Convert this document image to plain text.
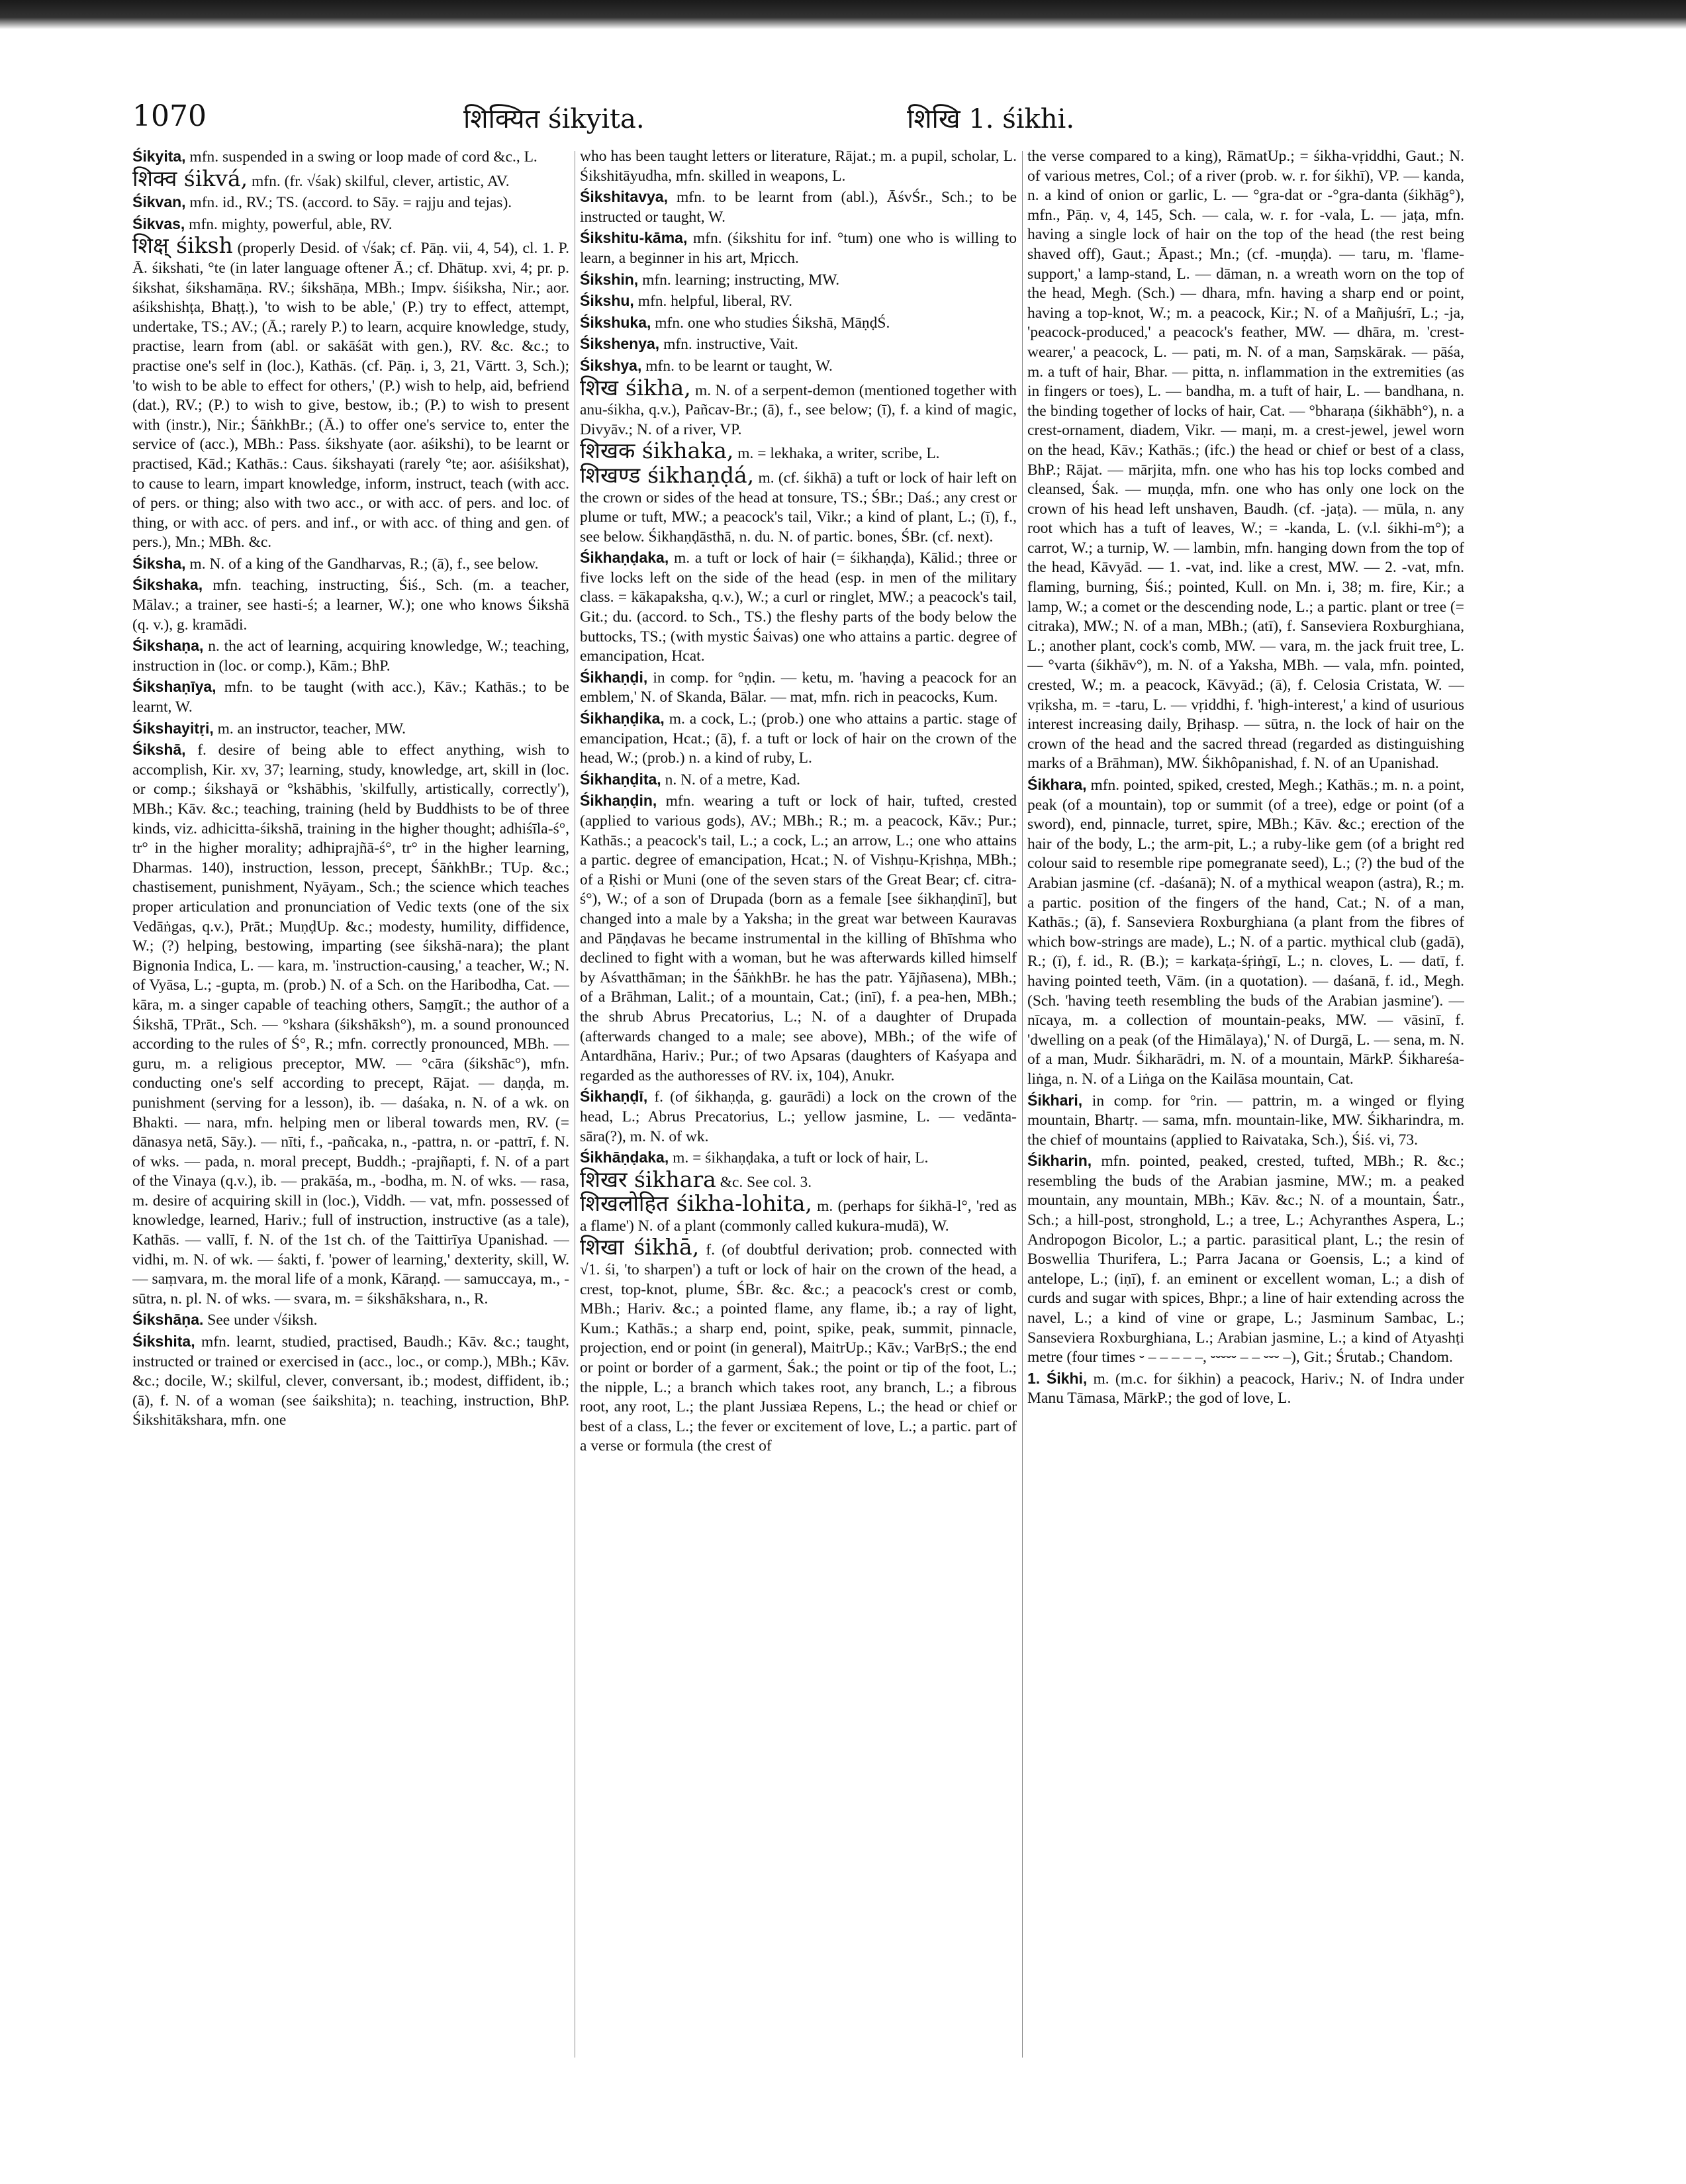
1070	शिक्यित śikyita.	शिखि 1. śikhi.

Śikyita, mfn. suspended in a swing or loop made of cord &c., L.

शिक्व śikvá, mfn. (fr. √śak) skilful, clever, artistic, AV.

Śikvan, mfn. id., RV.; TS. (accord. to Sāy. = rajju and tejas).

Śikvas, mfn. mighty, powerful, able, RV.

शिक्ष् śiksh (properly Desid. of √śak; cf. Pāṇ. vii, 4, 54), cl. 1. P. Ā. śikshati, °te (in later language oftener Ā.; cf. Dhātup. xvi, 4; pr. p. śikshat, śikshamāṇa. RV.; śikshāṇa, MBh.; Impv. śiśiksha, Nir.; aor. aśikshishṭa, Bhaṭṭ.), 'to wish to be able,' (P.) try to effect, attempt, undertake, TS.; AV.; (Ā.; rarely P.) to learn, acquire knowledge, study, practise, learn from (abl. or sakāśāt with gen.), RV. &c. &c.; to practise one's self in (loc.), Kathās. (cf. Pāṇ. i, 3, 21, Vārtt. 3, Sch.); 'to wish to be able to effect for others,' (P.) wish to help, aid, befriend (dat.), RV.; (P.) to wish to give, bestow, ib.; (P.) to wish to present with (instr.), Nir.; ŚāṅkhBr.; (Ā.) to offer one's service to, enter the service of (acc.), MBh.: Pass. śikshyate (aor. aśikshi), to be learnt or practised, Kād.; Kathās.: Caus. śikshayati (rarely °te; aor. aśiśikshat), to cause to learn, impart knowledge, inform, instruct, teach (with acc. of pers. or thing; also with two acc., or with acc. of pers. and loc. of thing, or with acc. of pers. and inf., or with acc. of thing and gen. of pers.), Mn.; MBh. &c.

Śiksha, m. N. of a king of the Gandharvas, R.; (ā), f., see below.

Śikshaka, mfn. teaching, instructing, Śiś., Sch. (m. a teacher, Mālav.; a trainer, see hasti-ś; a learner, W.); one who knows Śikshā (q. v.), g. kramādi.

Śikshaṇa, n. the act of learning, acquiring knowledge, W.; teaching, instruction in (loc. or comp.), Kām.; BhP.

Śikshaṇīya, mfn. to be taught (with acc.), Kāv.; Kathās.; to be learnt, W.

Śikshayitṛi, m. an instructor, teacher, MW.

Śikshā, f. desire of being able to effect anything, wish to accomplish, Kir. xv, 37; learning, study, knowledge, art, skill in (loc. or comp.; śikshayā or °kshābhis, 'skilfully, artistically, correctly'), MBh.; Kāv. &c.; teaching, training (held by Buddhists to be of three kinds, viz. adhicitta-śikshā, training in the higher thought; adhiśīla-ś°, tr° in the higher morality; adhiprajñā-ś°, tr° in the higher learning, Dharmas. 140), instruction, lesson, precept, ŚāṅkhBr.; TUp. &c.; chastisement, punishment, Nyāyam., Sch.; the science which teaches proper articulation and pronunciation of Vedic texts (one of the six Vedāṅgas, q.v.), Prāt.; MuṇḍUp. &c.; modesty, humility, diffidence, W.; (?) helping, bestowing, imparting (see śikshā-nara); the plant Bignonia Indica, L. — kara, m. 'instruction-causing,' a teacher, W.; N. of Vyāsa, L.; -gupta, m. (prob.) N. of a Sch. on the Haribodha, Cat. — kāra, m. a singer capable of teaching others, Saṃgīt.; the author of a Śikshā, TPrāt., Sch. — °kshara (śikshāksh°), m. a sound pronounced according to the rules of Ś°, R.; mfn. correctly pronounced, MBh. — guru, m. a religious preceptor, MW. — °cāra (śikshāc°), mfn. conducting one's self according to precept, Rājat. — daṇḍa, m. punishment (serving for a lesson), ib. — daśaka, n. N. of a wk. on Bhakti. — nara, mfn. helping men or liberal towards men, RV. (= dānasya netā, Sāy.). — nīti, f., -pañcaka, n., -pattra, n. or -pattrī, f. N. of wks. — pada, n. moral precept, Buddh.; -prajñapti, f. N. of a part of the Vinaya (q.v.), ib. — prakāśa, m., -bodha, m. N. of wks. — rasa, m. desire of acquiring skill in (loc.), Viddh. — vat, mfn. possessed of knowledge, learned, Hariv.; full of instruction, instructive (as a tale), Kathās. — vallī, f. N. of the 1st ch. of the Taittirīya Upanishad. — vidhi, m. N. of wk. — śakti, f. 'power of learning,' dexterity, skill, W. — saṃvara, m. the moral life of a monk, Kāraṇḍ. — samuccaya, m., -sūtra, n. pl. N. of wks. — svara, m. = śikshāksharа, n., R.

Śikshāṇa. See under √śiksh.

Śikshita, mfn. learnt, studied, practised, Baudh.; Kāv. &c.; taught, instructed or trained or exercised in (acc., loc., or comp.), MBh.; Kāv. &c.; docile, W.; skilful, clever, conversant, ib.; modest, diffident, ib.; (ā), f. N. of a woman (see śaikshita); n. teaching, instruction, BhP. Śikshitākshara, mfn. one

who has been taught letters or literature, Rājat.; m. a pupil, scholar, L. Śikshitāyudha, mfn. skilled in weapons, L.

Śikshitavya, mfn. to be learnt from (abl.), ĀśvŚr., Sch.; to be instructed or taught, W.

Śikshitu-kāma, mfn. (śikshitu for inf. °tum) one who is willing to learn, a beginner in his art, Mṛicch.

Śikshin, mfn. learning; instructing, MW.

Śikshu, mfn. helpful, liberal, RV.

Śikshuka, mfn. one who studies Śikshā, MāṇḍŚ.

Śikshenya, mfn. instructive, Vait.

Śikshya, mfn. to be learnt or taught, W.

शिख śikha, m. N. of a serpent-demon (mentioned together with anu-śikha, q.v.), Pañcav-Br.; (ā), f., see below; (ī), f. a kind of magic, Divyāv.; N. of a river, VP.

शिखक śikhaka, m. = lekhaka, a writer, scribe, L.

शिखण्ड śikhaṇḍá, m. (cf. śikhā) a tuft or lock of hair left on the crown or sides of the head at tonsure, TS.; ŚBr.; Daś.; any crest or plume or tuft, MW.; a peacock's tail, Vikr.; a kind of plant, L.; (ī), f., see below. Śikhaṇḍāsthā, n. du. N. of partic. bones, ŚBr. (cf. next).

Śikhaṇḍaka, m. a tuft or lock of hair (= śikhaṇḍa), Kālid.; three or five locks left on the side of the head (esp. in men of the military class. = kākapaksha, q.v.), W.; a curl or ringlet, MW.; a peacock's tail, Git.; du. (accord. to Sch., TS.) the fleshy parts of the body below the buttocks, TS.; (with mystic Śaivas) one who attains a partic. degree of emancipation, Hcat.

Śikhaṇḍi, in comp. for °ṇḍin. — ketu, m. 'having a peacock for an emblem,' N. of Skanda, Bālar. — mat, mfn. rich in peacocks, Kum.

Śikhaṇḍika, m. a cock, L.; (prob.) one who attains a partic. stage of emancipation, Hcat.; (ā), f. a tuft or lock of hair on the crown of the head, W.; (prob.) n. a kind of ruby, L.

Śikhaṇḍita, n. N. of a metre, Kad.

Śikhaṇḍin, mfn. wearing a tuft or lock of hair, tufted, crested (applied to various gods), AV.; MBh.; R.; m. a peacock, Kāv.; Pur.; Kathās.; a peacock's tail, L.; a cock, L.; an arrow, L.; one who attains a partic. degree of emancipation, Hcat.; N. of Vishṇu-Kṛishṇa, MBh.; of a Ṛishi or Muni (one of the seven stars of the Great Bear; cf. citra-ś°), W.; of a son of Drupada (born as a female [see śikhaṇḍinī], but changed into a male by a Yaksha; in the great war between Kauravas and Pāṇḍavas he became instrumental in the killing of Bhīshma who declined to fight with a woman, but he was afterwards killed himself by Aśvatthāman; in the ŚāṅkhBr. he has the patr. Yājñasena), MBh.; of a Brāhman, Lalit.; of a mountain, Cat.; (inī), f. a pea-hen, MBh.; the shrub Abrus Precatorius, L.; N. of a daughter of Drupada (afterwards changed to a male; see above), MBh.; of the wife of Antardhāna, Hariv.; Pur.; of two Apsaras (daughters of Kaśyapa and regarded as the authoresses of RV. ix, 104), Anukr.

Śikhaṇḍī, f. (of śikhaṇḍa, g. gaurādi) a lock on the crown of the head, L.; Abrus Precatorius, L.; yellow jasmine, L. — vedānta-sāra(?), m. N. of wk.

Śikhāṇḍaka, m. = śikhaṇḍaka, a tuft or lock of hair, L.

शिखर śikhara &c. See col. 3.

शिखलोहित śikha-lohita, m. (perhaps for śikhā-l°, 'red as a flame') N. of a plant (commonly called kukura-mudā), W.

शिखा śikhā, f. (of doubtful derivation; prob. connected with √1. śi, 'to sharpen') a tuft or lock of hair on the crown of the head, a crest, top-knot, plume, ŚBr. &c. &c.; a peacock's crest or comb, MBh.; Hariv. &c.; a pointed flame, any flame, ib.; a ray of light, Kum.; Kathās.; a sharp end, point, spike, peak, summit, pinnacle, projection, end or point (in general), MaitrUp.; Kāv.; VarBṛS.; the end or point or border of a garment, Śak.; the point or tip of the foot, L.; the nipple, L.; a branch which takes root, any branch, L.; a fibrous root, any root, L.; the plant Jussiæa Repens, L.; the head or chief or best of a class, L.; the fever or excitement of love, L.; a partic. part of a verse or formula (the crest of

the verse compared to a king), RāmatUp.; = śikha-vṛiddhi, Gaut.; N. of various metres, Col.; of a river (prob. w. r. for śikhī), VP. — kanda, n. a kind of onion or garlic, L. — °gra-dat or -°gra-danta (śikhāg°), mfn., Pāṇ. v, 4, 145, Sch. — cala, w. r. for -vala, L. — jaṭa, mfn. having a single lock of hair on the top of the head (the rest being shaved off), Gaut.; Āpast.; Mn.; (cf. -muṇḍa). — taru, m. 'flame-support,' a lamp-stand, L. — dāman, n. a wreath worn on the top of the head, Megh. (Sch.) — dhara, mfn. having a sharp end or point, having a top-knot, W.; m. a peacock, Kir.; N. of a Mañjuśrī, L.; -ja, 'peacock-produced,' a peacock's feather, MW. — dhāra, m. 'crest-wearer,' a peacock, L. — pati, m. N. of a man, Saṃskārak. — pāśa, m. a tuft of hair, Bhar. — pitta, n. inflammation in the extremities (as in fingers or toes), L. — bandha, m. a tuft of hair, L. — bandhana, n. the binding together of locks of hair, Cat. — °bharaṇa (śikhābh°), n. a crest-ornament, diadem, Vikr. — maṇi, m. a crest-jewel, jewel worn on the head, Kāv.; Kathās.; (ifc.) the head or chief or best of a class, BhP.; Rājat. — mārjita, mfn. one who has his top locks combed and cleansed, Śak. — muṇḍa, mfn. one who has only one lock on the crown of his head left unshaven, Baudh. (cf. -jaṭa). — mūla, n. any root which has a tuft of leaves, W.; = -kanda, L. (v.l. śikhi-m°); a carrot, W.; a turnip, W. — lambin, mfn. hanging down from the top of the head, Kāvyād. — 1. -vat, ind. like a crest, MW. — 2. -vat, mfn. flaming, burning, Śiś.; pointed, Kull. on Mn. i, 38; m. fire, Kir.; a lamp, W.; a comet or the descending node, L.; a partic. plant or tree (= citraka), MW.; N. of a man, MBh.; (atī), f. Sanseviera Roxburghiana, L.; another plant, cock's comb, MW. — vara, m. the jack fruit tree, L. — °varta (śikhāv°), m. N. of a Yaksha, MBh. — vala, mfn. pointed, crested, W.; m. a peacock, Kāvyād.; (ā), f. Celosia Cristata, W. — vṛiksha, m. = -taru, L. — vṛiddhi, f. 'high-interest,' a kind of usurious interest increasing daily, Bṛihasp. — sūtra, n. the lock of hair on the crown of the head and the sacred thread (regarded as distinguishing marks of a Brāhman), MW. Śikhôpanishad, f. N. of an Upanishad.

Śikhara, mfn. pointed, spiked, crested, Megh.; Kathās.; m. n. a point, peak (of a mountain), top or summit (of a tree), edge or point (of a sword), end, pinnacle, turret, spire, MBh.; Kāv. &c.; erection of the hair of the body, L.; the arm-pit, L.; a ruby-like gem (of a bright red colour said to resemble ripe pomegranate seed), L.; (?) the bud of the Arabian jasmine (cf. -daśanā); N. of a mythical weapon (astra), R.; m. a partic. position of the fingers of the hand, Cat.; N. of a man, Kathās.; (ā), f. Sanseviera Roxburghiana (a plant from the fibres of which bow-strings are made), L.; N. of a partic. mythical club (gadā), R.; (ī), f. id., R. (B.); = karkaṭa-śṛiṅgī, L.; n. cloves, L. — datī, f. having pointed teeth, Vām. (in a quotation). — daśanā, f. id., Megh. (Sch. 'having teeth resembling the buds of the Arabian jasmine'). — nīcaya, m. a collection of mountain-peaks, MW. — vāsinī, f. 'dwelling on a peak (of the Himālaya),' N. of Durgā, L. — sena, m. N. of a man, Mudr. Śikharādri, m. N. of a mountain, MārkP. Śikhareśa-liṅga, n. N. of a Liṅga on the Kailāsa mountain, Cat.

Śikhari, in comp. for °rin. — pattrin, m. a winged or flying mountain, Bhartṛ. — sama, mfn. mountain-like, MW. Śikharindra, m. the chief of mountains (applied to Raivataka, Sch.), Śiś. vi, 73.

Śikharin, mfn. pointed, peaked, crested, tufted, MBh.; R. &c.; resembling the buds of the Arabian jasmine, MW.; m. a peaked mountain, any mountain, MBh.; Kāv. &c.; N. of a mountain, Śatr., Sch.; a hill-post, stronghold, L.; a tree, L.; Achyranthes Aspera, L.; Andropogon Bicolor, L.; a partic. parasitical plant, L.; the resin of Boswellia Thurifera, L.; Parra Jacana or Goensis, L.; a kind of antelope, L.; (iṇī), f. an eminent or excellent woman, L.; a dish of curds and sugar with spices, Bhpr.; a line of hair extending across the navel, L.; a kind of vine or grape, L.; Jasminum Sambac, L.; Sanseviera Roxburghiana, L.; Arabian jasmine, L.; a kind of Atyashṭi metre (four times ⏑ – – – – –, ⏑⏑⏑⏑⏑ – – ⏑⏑⏑ –), Git.; Śrutab.; Chandom.

1. Śikhi, m. (m.c. for śikhin) a peacock, Hariv.; N. of Indra under Manu Tāmasa, MārkP.; the god of love, L.
